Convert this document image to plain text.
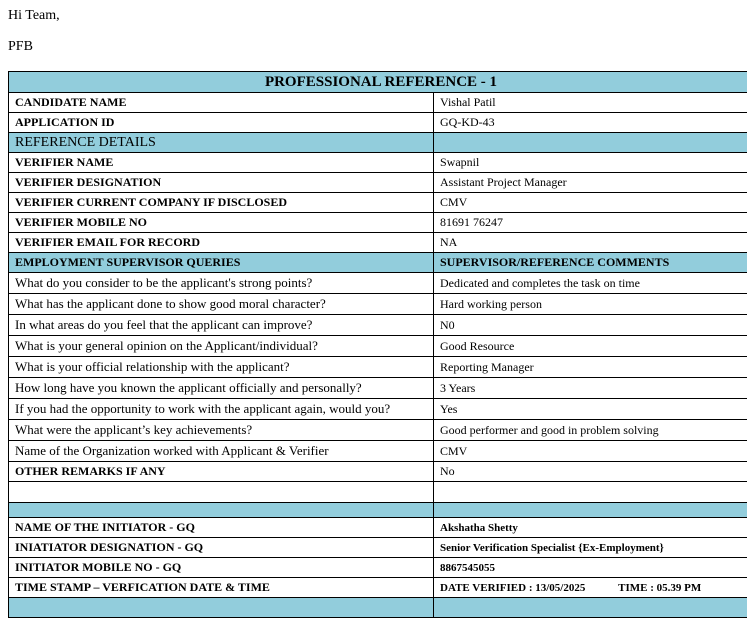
Hi Team,
PFB
PROFESSIONAL REFERENCE - 1	
CANDIDATE NAME	Vishal Patil
APPLICATION ID	GQ-KD-43
REFERENCE DETAILS	
VERIFIER NAME	Swapnil
VERIFIER DESIGNATION	Assistant Project Manager
VERIFIER CURRENT COMPANY IF DISCLOSED	CMV
VERIFIER MOBILE NO	81691 76247
VERIFIER EMAIL FOR RECORD	NA
EMPLOYMENT SUPERVISOR QUERIES	SUPERVISOR/REFERENCE COMMENTS
What do you consider to be the applicant's strong points?	Dedicated and completes the task on time
What has the applicant done to show good moral character?	Hard working person
In what areas do you feel that the applicant can improve?	N0
What is your general opinion on the Applicant/individual?	Good Resource
What is your official relationship with the applicant?	Reporting Manager
How long have you known the applicant officially and personally?	3 Years
If you had the opportunity to work with the applicant again, would you?	Yes
What were the applicant’s key achievements?	Good performer and good in problem solving
Name of the Organization worked with Applicant & Verifier	CMV
OTHER REMARKS IF ANY	No

NAME OF THE INITIATOR - GQ	Akshatha Shetty
INIATIATOR DESIGNATION - GQ	Senior Verification Specialist {Ex-Employment}
INITIATOR MOBILE NO - GQ	8867545055
TIME STAMP – VERFICATION DATE & TIME	DATE VERIFIED : 13/05/2025 TIME : 05.39 PM
